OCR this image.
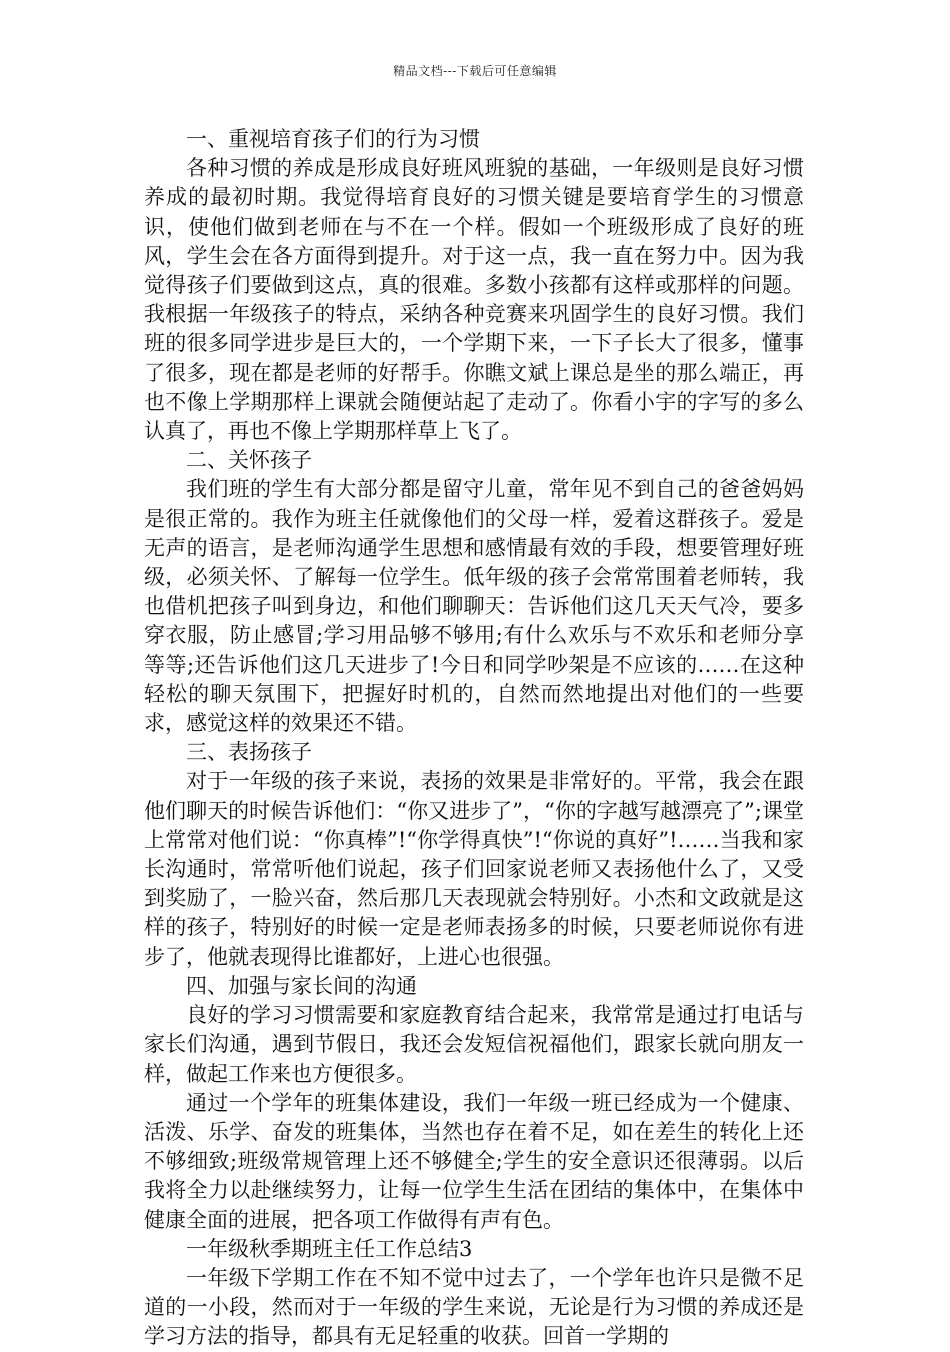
精品文档---下载后可任意编辑

一、重视培育孩子们的行为习惯

各种习惯的养成是形成良好班风班貌的基础，一年级则是良好习惯养成的最初时期。我觉得培育良好的习惯关键是要培育学生的习惯意识，使他们做到老师在与不在一个样。假如一个班级形成了良好的班风，学生会在各方面得到提升。对于这一点，我一直在努力中。因为我觉得孩子们要做到这点，真的很难。多数小孩都有这样或那样的问题。我根据一年级孩子的特点，采纳各种竞赛来巩固学生的良好习惯。我们班的很多同学进步是巨大的，一个学期下来，一下子长大了很多，懂事了很多，现在都是老师的好帮手。你瞧文斌上课总是坐的那么端正，再也不像上学期那样上课就会随便站起了走动了。你看小宇的字写的多么认真了，再也不像上学期那样草上飞了。

二、关怀孩子

我们班的学生有大部分都是留守儿童，常年见不到自己的爸爸妈妈是很正常的。我作为班主任就像他们的父母一样，爱着这群孩子。爱是无声的语言，是老师沟通学生思想和感情最有效的手段，想要管理好班级，必须关怀、了解每一位学生。低年级的孩子会常常围着老师转，我也借机把孩子叫到身边，和他们聊聊天：告诉他们这几天天气冷，要多穿衣服，防止感冒;学习用品够不够用;有什么欢乐与不欢乐和老师分享等等;还告诉他们这几天进步了!今日和同学吵架是不应该的……在这种轻松的聊天氛围下，把握好时机的，自然而然地提出对他们的一些要求，感觉这样的效果还不错。

三、表扬孩子

对于一年级的孩子来说，表扬的效果是非常好的。平常，我会在跟他们聊天的时候告诉他们：“你又进步了”，“你的字越写越漂亮了”;课堂上常常对他们说：“你真棒”!“你学得真快”!“你说的真好”!……当我和家长沟通时，常常听他们说起，孩子们回家说老师又表扬他什么了，又受到奖励了，一脸兴奋，然后那几天表现就会特别好。小杰和文政就是这样的孩子，特别好的时候一定是老师表扬多的时候，只要老师说你有进步了，他就表现得比谁都好，上进心也很强。

四、加强与家长间的沟通

良好的学习习惯需要和家庭教育结合起来，我常常是通过打电话与家长们沟通，遇到节假日，我还会发短信祝福他们，跟家长就向朋友一样，做起工作来也方便很多。

通过一个学年的班集体建设，我们一年级一班已经成为一个健康、活泼、乐学、奋发的班集体，当然也存在着不足，如在差生的转化上还不够细致;班级常规管理上还不够健全;学生的安全意识还很薄弱。以后我将全力以赴继续努力，让每一位学生生活在团结的集体中，在集体中健康全面的进展，把各项工作做得有声有色。

一年级秋季期班主任工作总结3

一年级下学期工作在不知不觉中过去了，一个学年也许只是微不足道的一小段，然而对于一年级的学生来说，无论是行为习惯的养成还是学习方法的指导，都具有无足轻重的收获。回首一学期的
